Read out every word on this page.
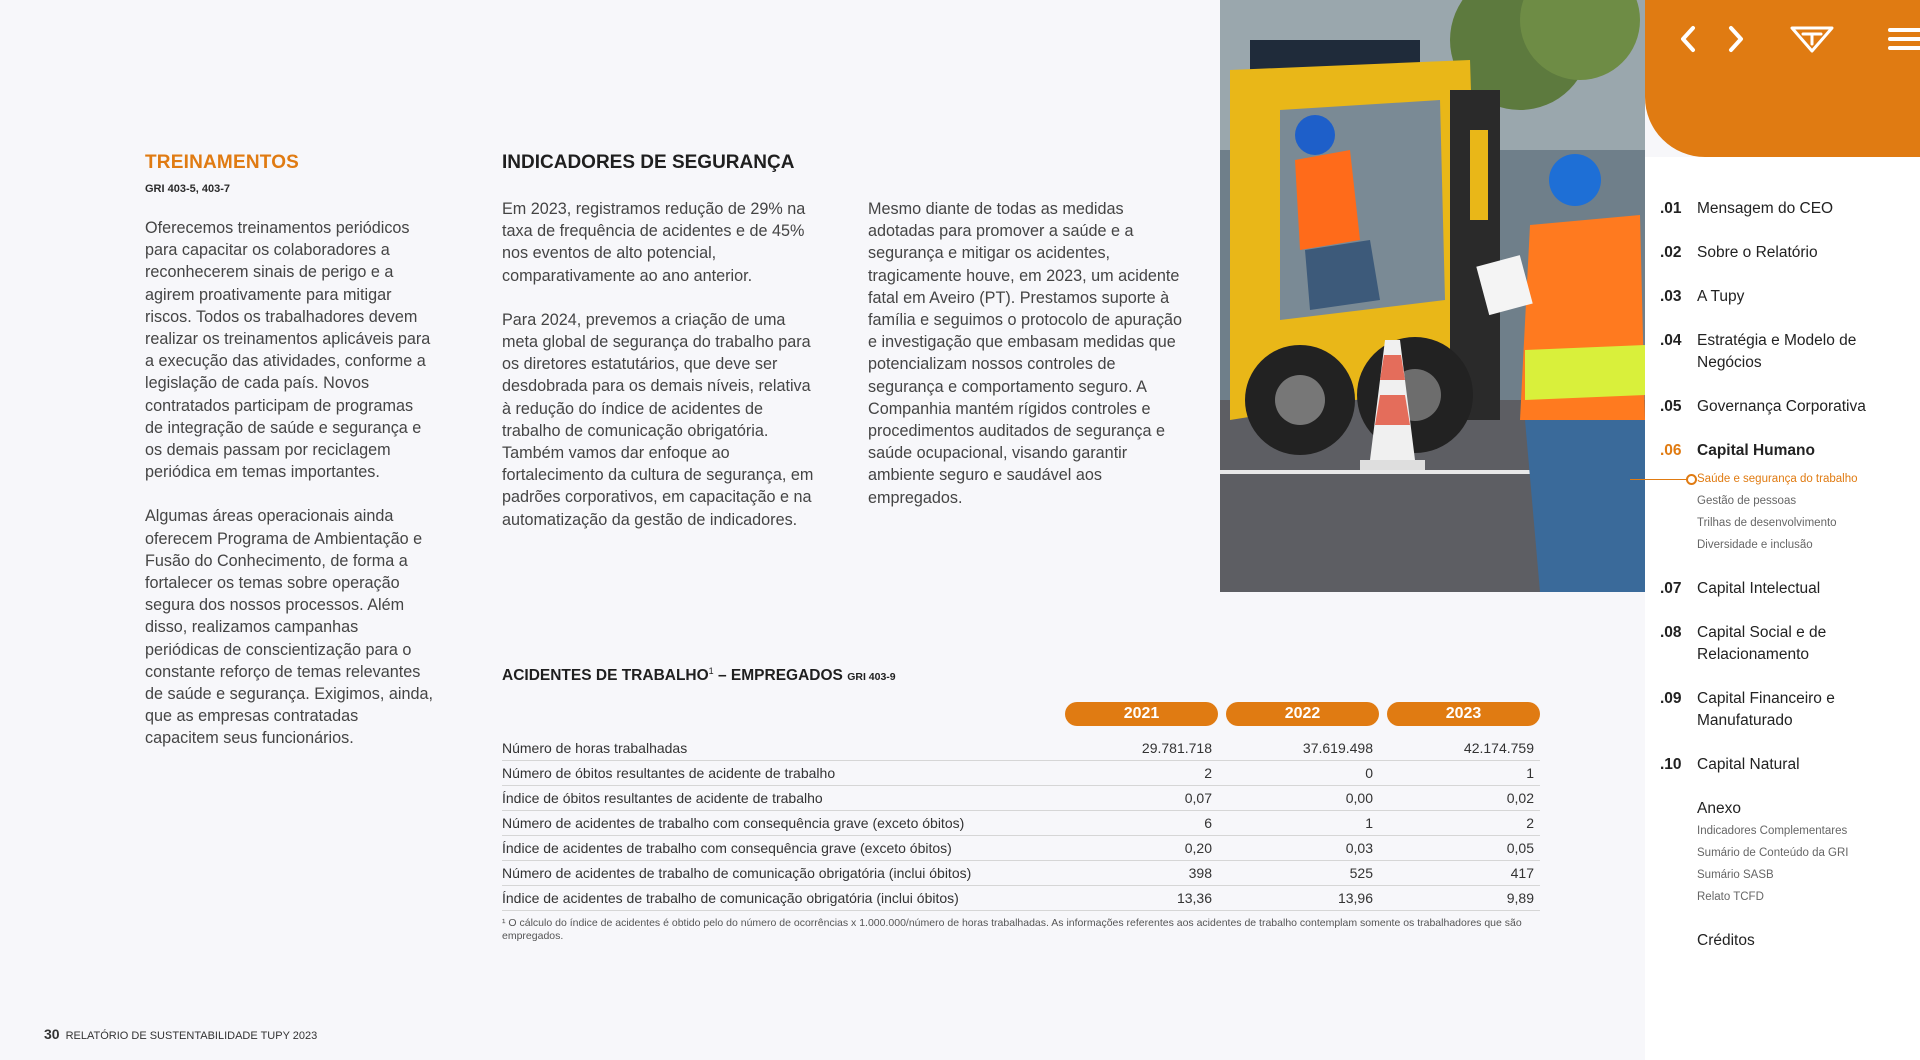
TREINAMENTOS
GRI 403-5, 403-7

Oferecemos treinamentos periódicos para capacitar os colaboradores a reconhecerem sinais de perigo e a agirem proativamente para mitigar riscos. Todos os trabalhadores devem realizar os treinamentos aplicáveis para a execução das atividades, conforme a legislação de cada país. Novos contratados participam de programas de integração de saúde e segurança e os demais passam por reciclagem periódica em temas importantes.

Algumas áreas operacionais ainda oferecem Programa de Ambientação e Fusão do Conhecimento, de forma a fortalecer os temas sobre operação segura dos nossos processos. Além disso, realizamos campanhas periódicas de conscientização para o constante reforço de temas relevantes de saúde e segurança. Exigimos, ainda, que as empresas contratadas capacitem seus funcionários.

INDICADORES DE SEGURANÇA

Em 2023, registramos redução de 29% na taxa de frequência de acidentes e de 45% nos eventos de alto potencial, comparativamente ao ano anterior.

Para 2024, prevemos a criação de uma meta global de segurança do trabalho para os diretores estatutários, que deve ser desdobrada para os demais níveis, relativa à redução do índice de acidentes de trabalho de comunicação obrigatória. Também vamos dar enfoque ao fortalecimento da cultura de segurança, em padrões corporativos, em capacitação e na automatização da gestão de indicadores.

Mesmo diante de todas as medidas adotadas para promover a saúde e a segurança e mitigar os acidentes, tragicamente houve, em 2023, um acidente fatal em Aveiro (PT). Prestamos suporte à família e seguimos o protocolo de apuração e investigação que embasam medidas que potencializam nossos controles de segurança e comportamento seguro. A Companhia mantém rígidos controles e procedimentos auditados de segurança e saúde ocupacional, visando garantir ambiente seguro e saudável aos empregados.

.01 Mensagem do CEO
.02 Sobre o Relatório
.03 A Tupy
.04 Estratégia e Modelo de Negócios
.05 Governança Corporativa
.06 Capital Humano
Saúde e segurança do trabalho
Gestão de pessoas
Trilhas de desenvolvimento
Diversidade e inclusão
.07 Capital Intelectual
.08 Capital Social e de Relacionamento
.09 Capital Financeiro e Manufaturado
.10 Capital Natural
Anexo
Indicadores Complementares
Sumário de Conteúdo da GRI
Sumário SASB
Relato TCFD
Créditos
ACIDENTES DE TRABALHO$^1$ – EMPREGADOS GRI 403-9
2021	2022	2023
Número de horas trabalhadas	29.781.718	37.619.498	42.174.759
Número de óbitos resultantes de acidente de trabalho	2	0	1
Índice de óbitos resultantes de acidente de trabalho	0,07	0,00	0,02
Número de acidentes de trabalho com consequência grave (exceto óbitos)	6	1	2
Índice de acidentes de trabalho com consequência grave (exceto óbitos)	0,20	0,03	0,05
Número de acidentes de trabalho de comunicação obrigatória (inclui óbitos)	398	525	417
Índice de acidentes de trabalho de comunicação obrigatória (inclui óbitos)	13,36	13,96	9,89
¹ O cálculo do índice de acidentes é obtido pelo do número de ocorrências x 1.000.000/número de horas trabalhadas. As informações referentes aos acidentes de trabalho contemplam somente os trabalhadores que são empregados.
30 RELATÓRIO DE SUSTENTABILIDADE TUPY 2023
